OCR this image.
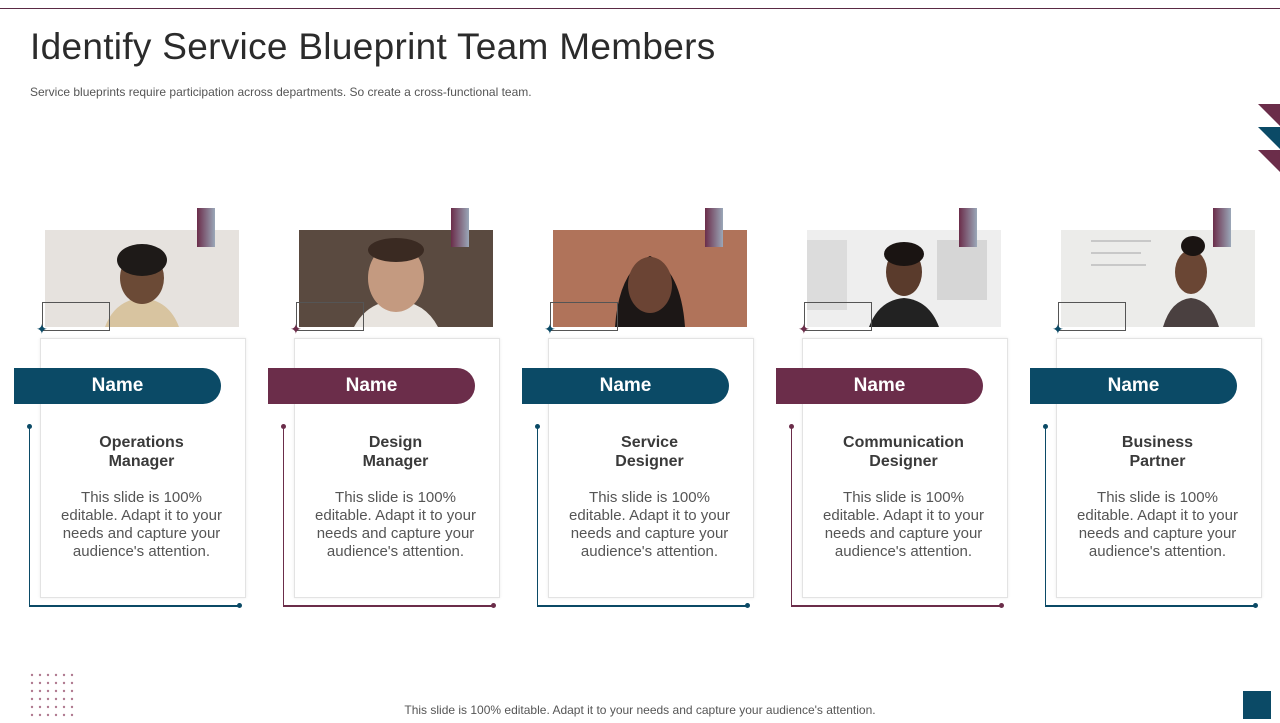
Identify Service Blueprint Team Members
Service blueprints require participation across departments. So create a cross-functional team.
✦
Name
Operations
Manager
This slide is 100% editable. Adapt it to your needs and capture your audience's attention.
✦
Name
Design
Manager
This slide is 100% editable. Adapt it to your needs and capture your audience's attention.
✦
Name
Service
Designer
This slide is 100% editable. Adapt it to your needs and capture your audience's attention.
✦
Name
Communication
Designer
This slide is 100% editable. Adapt it to your needs and capture your audience's attention.
✦
Name
Business
Partner
This slide is 100% editable. Adapt it to your needs and capture your audience's attention.
This slide is 100% editable. Adapt it to your needs and capture your audience's attention.
